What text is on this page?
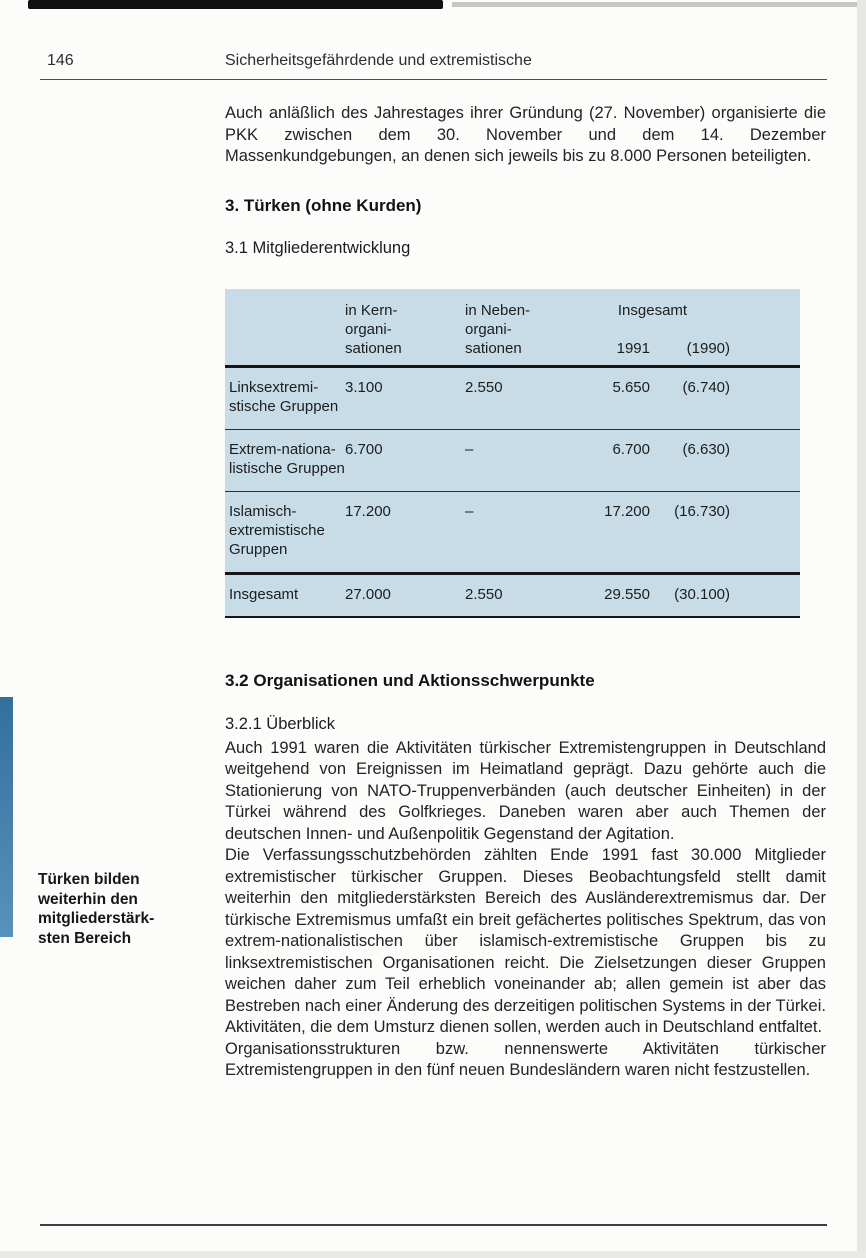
146	Sicherheitsgefährdende und extremistische
Türken bilden
weiterhin den
mitgliederstärk-
sten Bereich

Auch anläßlich des Jahrestages ihrer Gründung (27. November) organisierte die PKK zwischen dem 30. November und dem 14. Dezember Massenkundgebungen, an denen sich jeweils bis zu 8.000 Personen beteiligten.

3. Türken (ohne Kurden)
3.1 Mitgliederentwicklung
in Kern-
organi-
sationen
in Neben-
organi-
sationen
Insgesamt
1991	(1990)
Linksextremi-
stische Gruppen
3.100	2.550	5.650	(6.740)
Extrem-nationa-
listische Gruppen
6.700	–	6.700	(6.630)
Islamisch-
extremistische
Gruppen
17.200	–	17.200	(16.730)
Insgesamt	27.000	2.550	29.550	(30.100)
3.2 Organisationen und Aktionsschwerpunkte
3.2.1 Überblick

Auch 1991 waren die Aktivitäten türkischer Extremistengruppen in Deutschland weitgehend von Ereignissen im Heimatland geprägt. Dazu gehörte auch die Stationierung von NATO-Truppenverbänden (auch deutscher Einheiten) in der Türkei während des Golfkrieges. Daneben waren aber auch Themen der deutschen Innen- und Außenpolitik Gegenstand der Agitation.

Die Verfassungsschutzbehörden zählten Ende 1991 fast 30.000 Mitglieder extremistischer türkischer Gruppen. Dieses Beobachtungsfeld stellt damit weiterhin den mitgliederstärksten Bereich des Ausländerextremismus dar. Der türkische Extremismus umfaßt ein breit gefächertes politisches Spektrum, das von extrem-nationalistischen über islamisch-extremistische Gruppen bis zu linksextremistischen Organisationen reicht. Die Zielsetzungen dieser Gruppen weichen daher zum Teil erheblich voneinander ab; allen gemein ist aber das Bestreben nach einer Änderung des derzeitigen politischen Systems in der Türkei. Aktivitäten, die dem Umsturz dienen sollen, werden auch in Deutschland entfaltet.

Organisationsstrukturen bzw. nennenswerte Aktivitäten türkischer Extremistengruppen in den fünf neuen Bundesländern waren nicht festzustellen.
